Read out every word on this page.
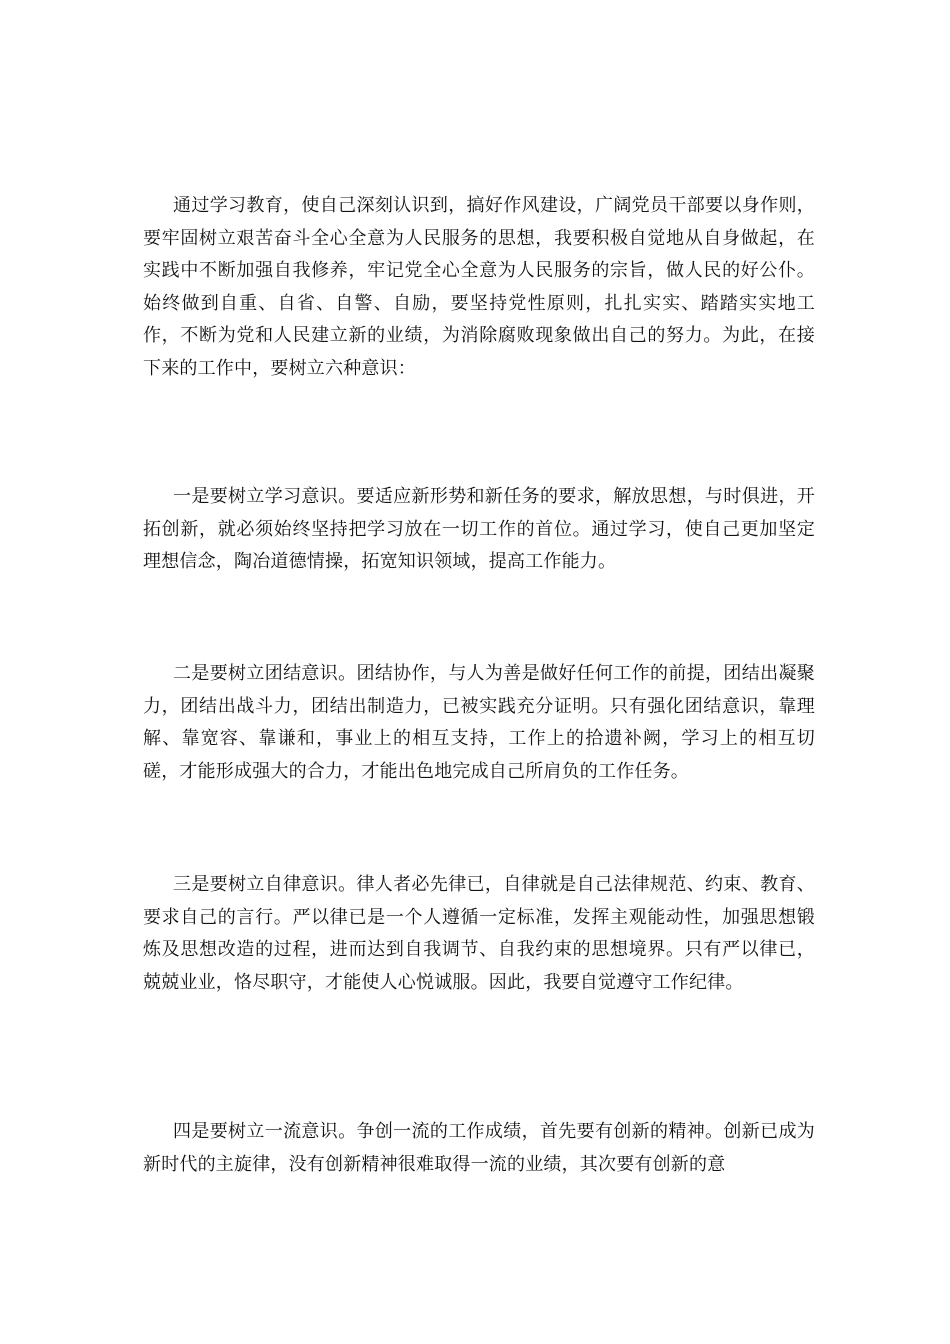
通过学习教育，使自己深刻认识到，搞好作风建设，广阔党员干部要以身作则，要牢固树立艰苦奋斗全心全意为人民服务的思想，我要积极自觉地从自身做起，在实践中不断加强自我修养，牢记党全心全意为人民服务的宗旨，做人民的好公仆。始终做到自重、自省、自警、自励，要坚持党性原则，扎扎实实、踏踏实实地工作，不断为党和人民建立新的业绩，为消除腐败现象做出自己的努力。为此，在接下来的工作中，要树立六种意识：

一是要树立学习意识。要适应新形势和新任务的要求，解放思想，与时俱进，开拓创新，就必须始终坚持把学习放在一切工作的首位。通过学习，使自己更加坚定理想信念，陶冶道德情操，拓宽知识领域，提高工作能力。

二是要树立团结意识。团结协作，与人为善是做好任何工作的前提，团结出凝聚力，团结出战斗力，团结出制造力，已被实践充分证明。只有强化团结意识，靠理解、靠宽容、靠谦和，事业上的相互支持，工作上的拾遗补阙，学习上的相互切磋，才能形成强大的合力，才能出色地完成自己所肩负的工作任务。

三是要树立自律意识。律人者必先律已，自律就是自己法律规范、约束、教育、要求自己的言行。严以律已是一个人遵循一定标准，发挥主观能动性，加强思想锻炼及思想改造的过程，进而达到自我调节、自我约束的思想境界。只有严以律已，兢兢业业，恪尽职守，才能使人心悦诚服。因此，我要自觉遵守工作纪律。

四是要树立一流意识。争创一流的工作成绩，首先要有创新的精神。创新已成为新时代的主旋律，没有创新精神很难取得一流的业绩，其次要有创新的意
